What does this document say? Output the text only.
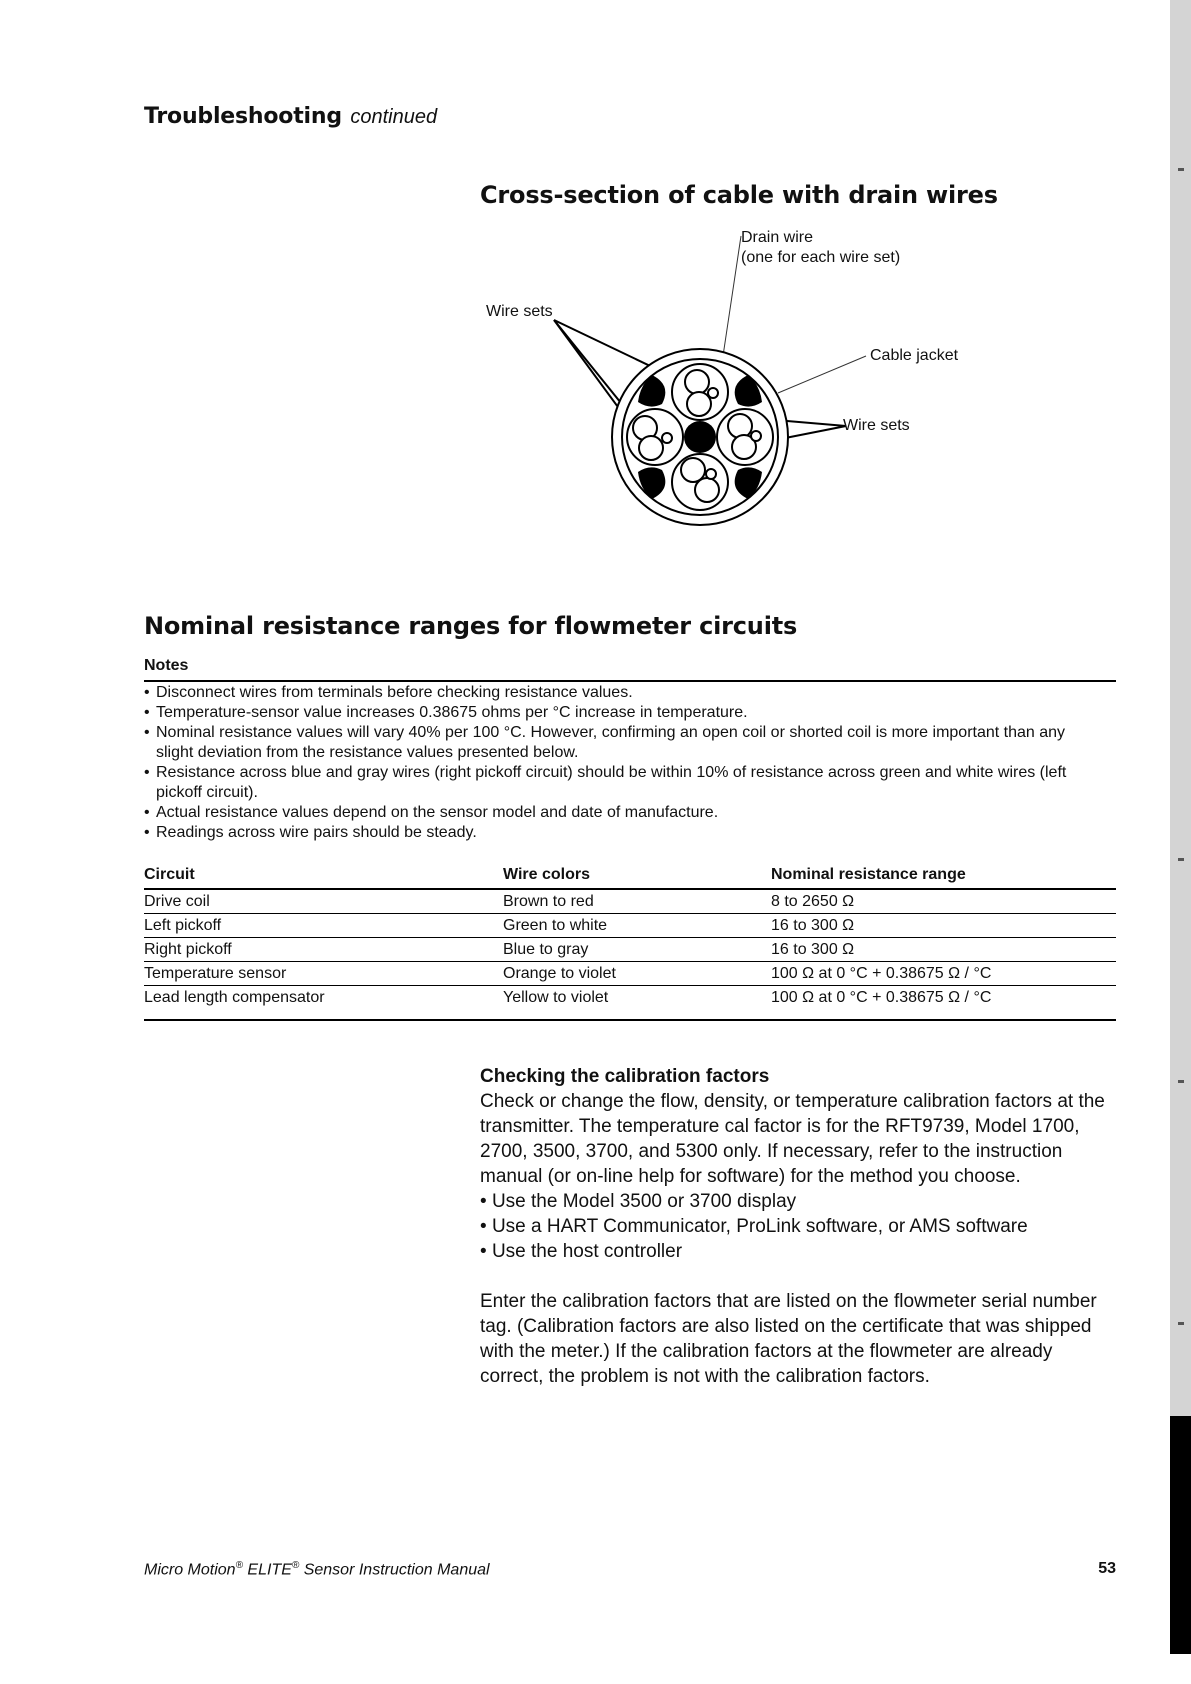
Troubleshooting continued
Cross-section of cable with drain wires
Drain wire
(one for each wire set)
Wire sets
Cable jacket
Wire sets
Nominal resistance ranges for flowmeter circuits
Notes
• Disconnect wires from terminals before checking resistance values.
• Temperature-sensor value increases 0.38675 ohms per °C increase in temperature.
• Nominal resistance values will vary 40% per 100 °C. However, confirming an open coil or shorted coil is more important than any slight deviation from the resistance values presented below.
• Resistance across blue and gray wires (right pickoff circuit) should be within 10% of resistance across green and white wires (left pickoff circuit).
• Actual resistance values depend on the sensor model and date of manufacture.
• Readings across wire pairs should be steady.
Circuit	Wire colors	Nominal resistance range
Drive coil	Brown to red	8 to 2650 Ω
Left pickoff	Green to white	16 to 300 Ω
Right pickoff	Blue to gray	16 to 300 Ω
Temperature sensor	Orange to violet	100 Ω at 0 °C + 0.38675 Ω / °C
Lead length compensator	Yellow to violet	100 Ω at 0 °C + 0.38675 Ω / °C
Checking the calibration factors
Check or change the flow, density, or temperature calibration factors at the transmitter. The temperature cal factor is for the RFT9739, Model 1700, 2700, 3500, 3700, and 5300 only. If necessary, refer to the instruction manual (or on-line help for software) for the method you choose.
• Use the Model 3500 or 3700 display
• Use a HART Communicator, ProLink software, or AMS software
• Use the host controller
Enter the calibration factors that are listed on the flowmeter serial number tag. (Calibration factors are also listed on the certificate that was shipped with the meter.) If the calibration factors at the flowmeter are already correct, the problem is not with the calibration factors.
Micro Motion® ELITE® Sensor Instruction Manual	53
